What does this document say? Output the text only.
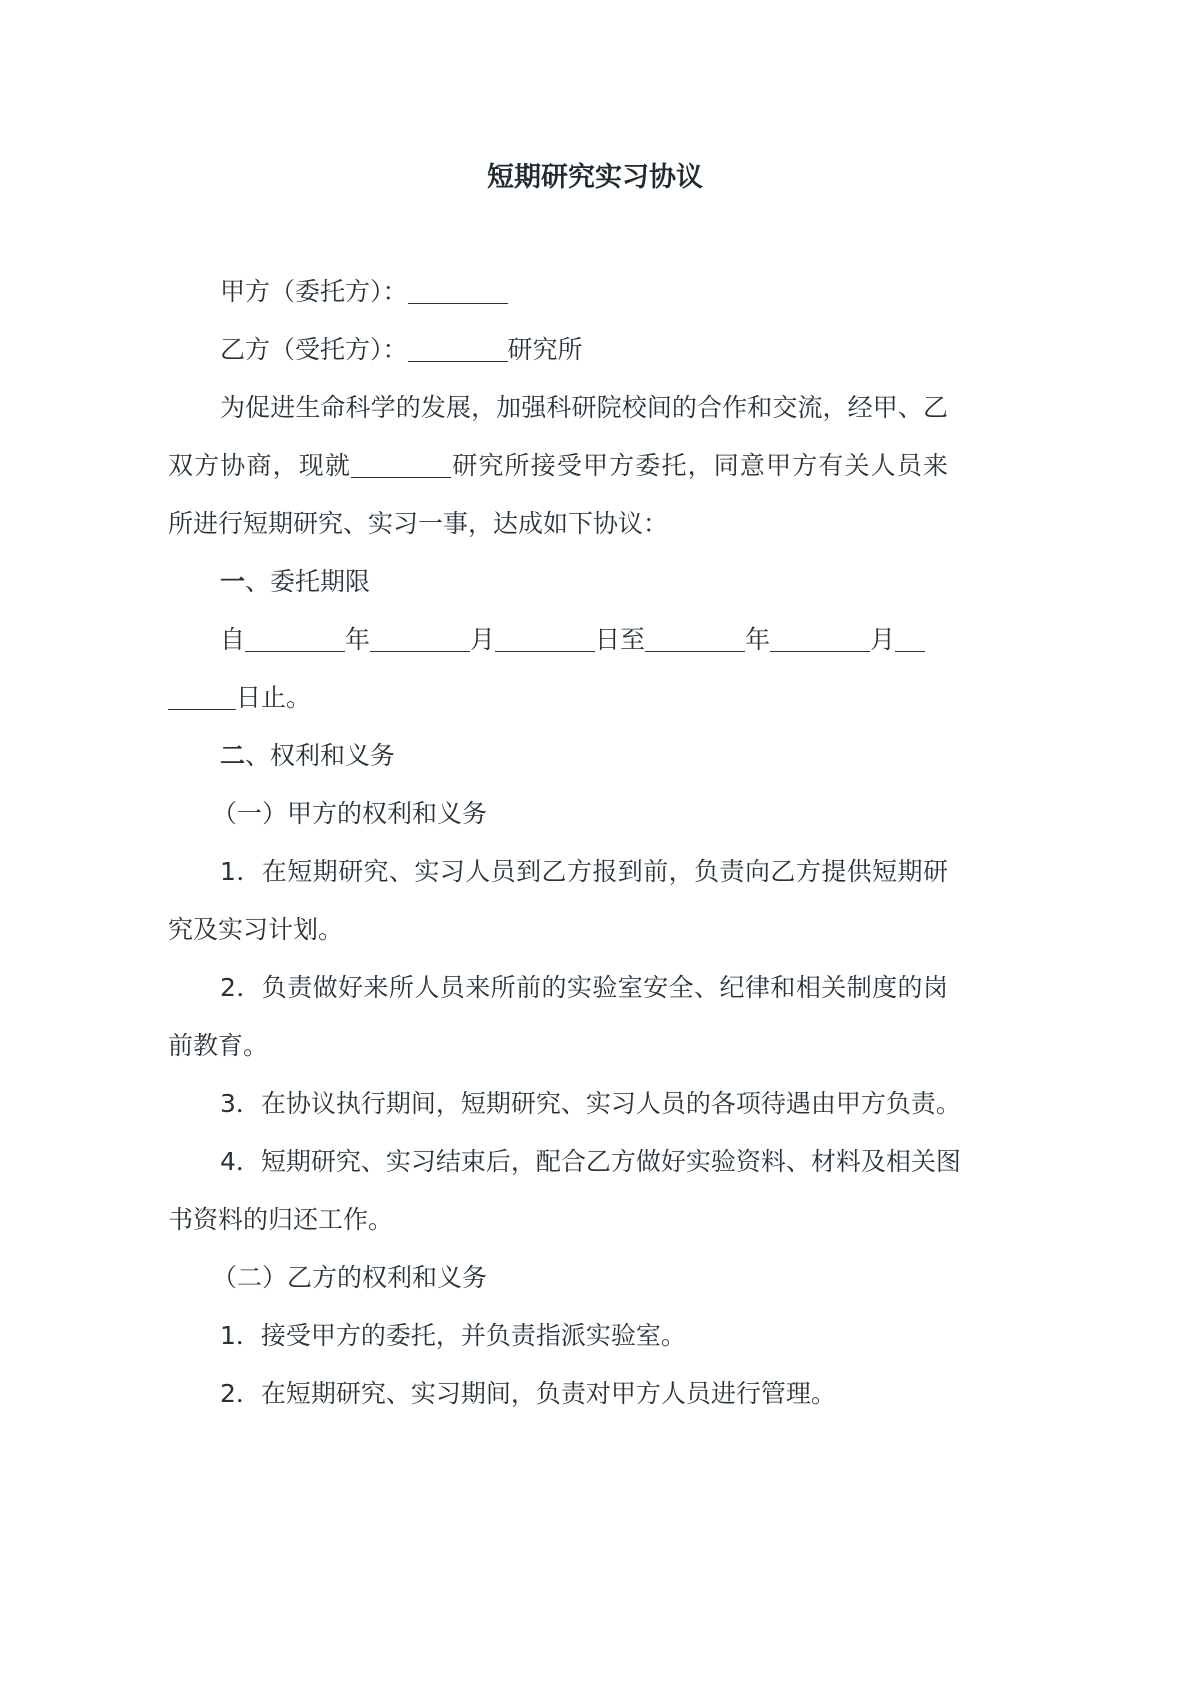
短期研究实习协议
甲方（委托方）：
乙方（受托方）：	研究所
为促进生命科学的发展，加强科研院校间的合作和交流，经甲、乙
双方协商，现就	研究所接受甲方委托，同意甲方有关人员来
所进行短期研究、实习一事，达成如下协议：
一、委托期限
自	年	月	日至	年	月
日止。
二、权利和义务
（一）甲方的权利和义务
1．在短期研究、实习人员到乙方报到前，负责向乙方提供短期研
究及实习计划。
2．负责做好来所人员来所前的实验室安全、纪律和相关制度的岗
前教育。
3．在协议执行期间，短期研究、实习人员的各项待遇由甲方负责。
4．短期研究、实习结束后，配合乙方做好实验资料、材料及相关图
书资料的归还工作。
（二）乙方的权利和义务
1．接受甲方的委托，并负责指派实验室。
2．在短期研究、实习期间，负责对甲方人员进行管理。
